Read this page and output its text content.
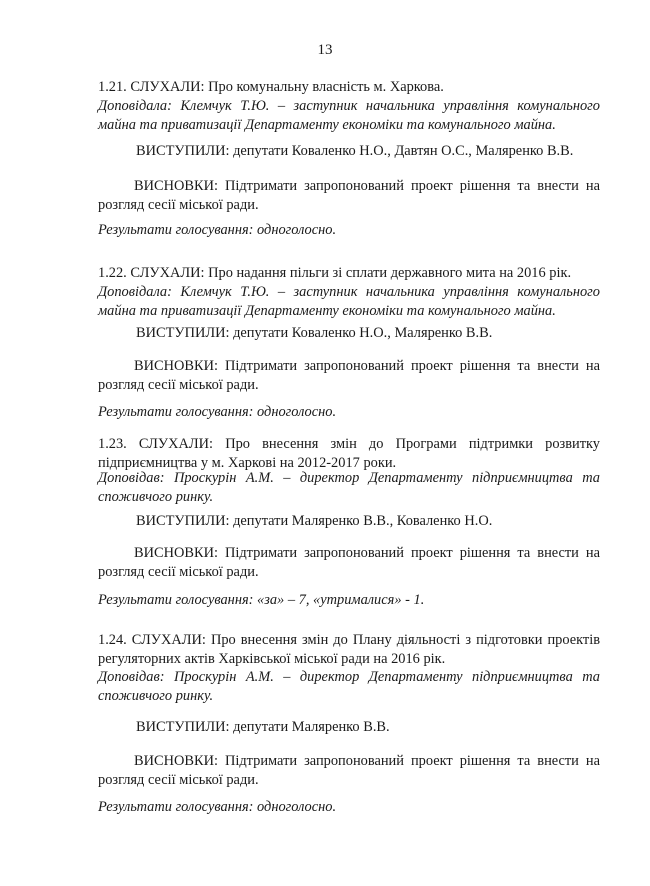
13
1.21. СЛУХАЛИ: Про комунальну власність м. Харкова.
Доповідала: Клемчук Т.Ю. – заступник начальника управління комунального
майна та приватизації Департаменту економіки та комунального майна.
ВИСТУПИЛИ: депутати Коваленко Н.О., Давтян О.С., Маляренко В.В.
ВИСНОВКИ: Підтримати запропонований проект рішення та внести на
розгляд сесії міської ради.
Результати голосування: одноголосно.
1.22. СЛУХАЛИ: Про надання пільги зі сплати державного мита на 2016 рік.
Доповідала: Клемчук Т.Ю. – заступник начальника управління комунального
майна та приватизації Департаменту економіки та комунального майна.
ВИСТУПИЛИ: депутати Коваленко Н.О., Маляренко В.В.
ВИСНОВКИ: Підтримати запропонований проект рішення та внести на
розгляд сесії міської ради.
Результати голосування: одноголосно.
1.23. СЛУХАЛИ: Про внесення змін до Програми підтримки розвитку
підприємництва у м. Харкові на 2012-2017 роки.
Доповідав: Проскурін А.М. – директор Департаменту підприємництва та
споживчого ринку.
ВИСТУПИЛИ: депутати Маляренко В.В., Коваленко Н.О.
ВИСНОВКИ: Підтримати запропонований проект рішення та внести на
розгляд сесії міської ради.
Результати голосування: «за» – 7, «утрималися» - 1.
1.24. СЛУХАЛИ: Про внесення змін до Плану діяльності з підготовки проектів
регуляторних актів Харківської міської ради на 2016 рік.
Доповідав: Проскурін А.М. – директор Департаменту підприємництва та
споживчого ринку.
ВИСТУПИЛИ: депутати Маляренко В.В.
ВИСНОВКИ: Підтримати запропонований проект рішення та внести на
розгляд сесії міської ради.
Результати голосування: одноголосно.
